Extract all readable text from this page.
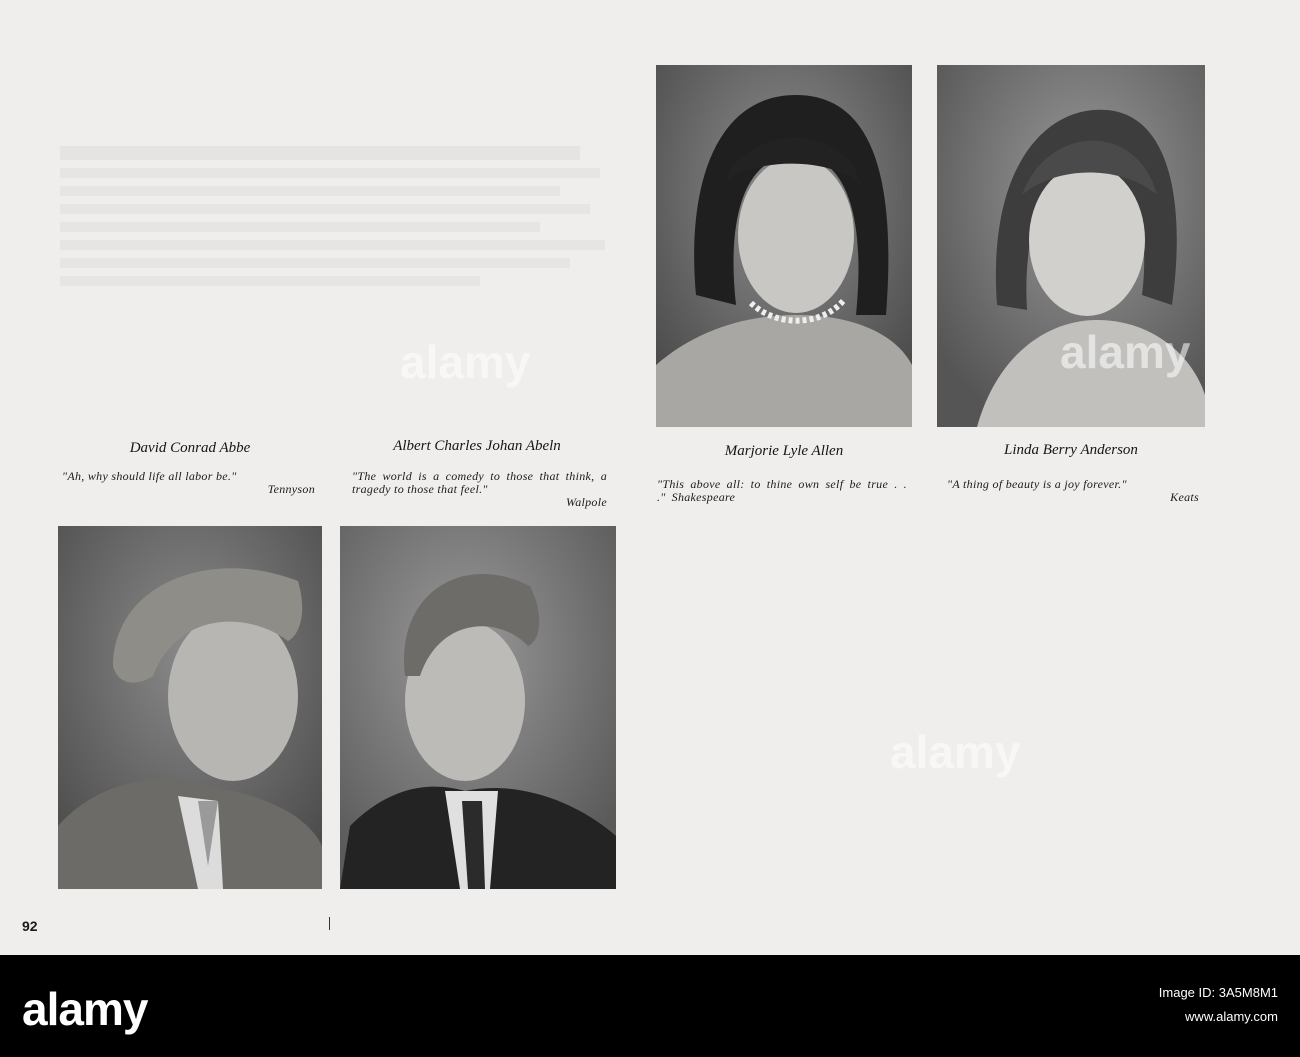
David Conrad Abbe	Albert Charles Johan Abeln	Marjorie Lyle Allen	Linda Berry Anderson
"Ah, why should life all labor be."
Tennyson
"The world is a comedy to those that think, a tragedy to those that feel."
Walpole
"This above all: to thine own self be true . . ." Shakespeare
"A thing of beauty is a joy forever."
Keats
92
alamy
alamy
alamy
alamy	Image ID: 3A5M8M1
www.alamy.com
